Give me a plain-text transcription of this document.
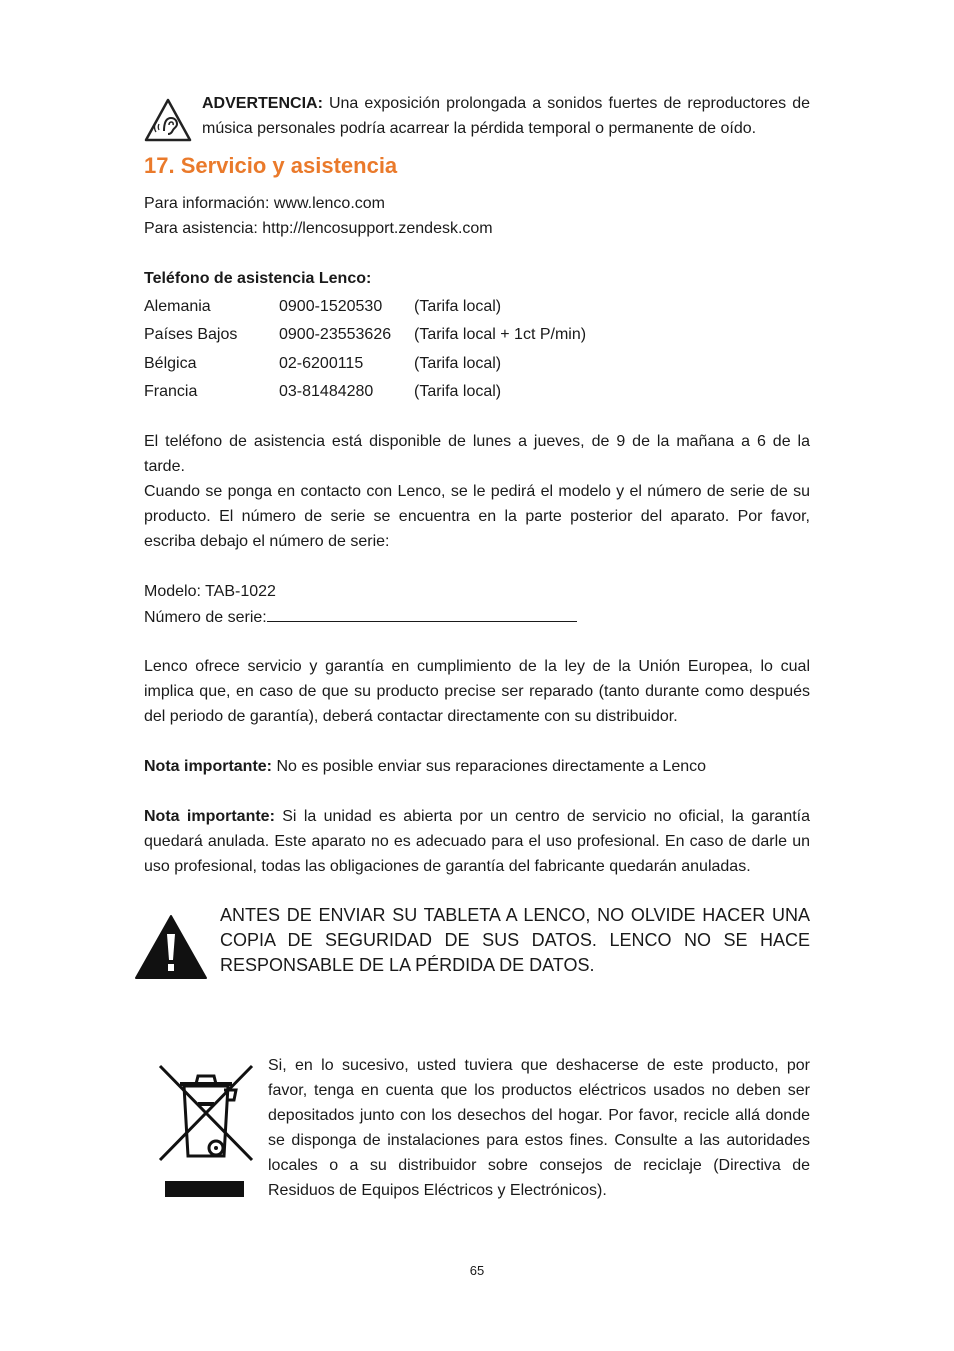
ADVERTENCIA: Una exposición prolongada a sonidos fuertes de reproductores de música personales podría acarrear la pérdida temporal o permanente de oído.
17. Servicio y asistencia
Para información: www.lenco.com
Para asistencia: http://lencosupport.zendesk.com
Teléfono de asistencia Lenco:
Alemania	0900-1520530	(Tarifa local)
Países Bajos	0900-23553626	(Tarifa local + 1ct P/min)
Bélgica	02-6200115	(Tarifa local)
Francia	03-81484280	(Tarifa local)
El teléfono de asistencia está disponible de lunes a jueves, de 9 de la mañana a 6 de la tarde.
Cuando se ponga en contacto con Lenco, se le pedirá el modelo y el número de serie de su producto. El número de serie se encuentra en la parte posterior del aparato. Por favor, escriba debajo el número de serie:
Modelo: TAB-1022
Número de serie:
Lenco ofrece servicio y garantía en cumplimiento de la ley de la Unión Europea, lo cual implica que, en caso de que su producto precise ser reparado (tanto durante como después del periodo de garantía), deberá contactar directamente con su distribuidor.
Nota importante: No es posible enviar sus reparaciones directamente a Lenco
Nota importante: Si la unidad es abierta por un centro de servicio no oficial, la garantía quedará anulada. Este aparato no es adecuado para el uso profesional. En caso de darle un uso profesional, todas las obligaciones de garantía del fabricante quedarán anuladas.
ANTES DE ENVIAR SU TABLETA A LENCO, NO OLVIDE HACER UNA COPIA DE SEGURIDAD DE SUS DATOS. LENCO NO SE HACE RESPONSABLE DE LA PÉRDIDA DE DATOS.
Si, en lo sucesivo, usted tuviera que deshacerse de este producto, por favor, tenga en cuenta que los productos eléctricos usados no deben ser depositados junto con los desechos del hogar. Por favor, recicle allá donde se disponga de instalaciones para estos fines. Consulte a las autoridades locales o a su distribuidor sobre consejos de reciclaje (Directiva de Residuos de Equipos Eléctricos y Electrónicos).
65
